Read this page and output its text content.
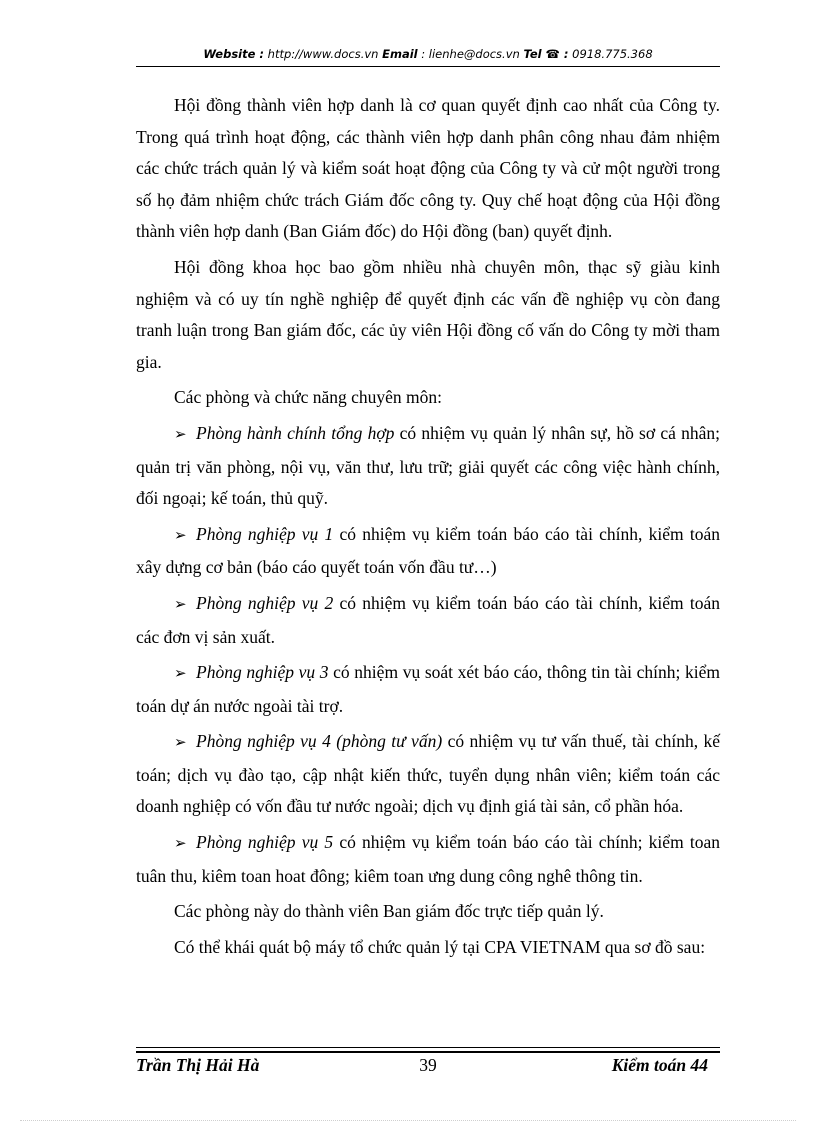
Website : http://www.docs.vn Email : lienhe@docs.vn Tel ☎ : 0918.775.368

Hội đồng thành viên hợp danh là cơ quan quyết định cao nhất của Công ty. Trong quá trình hoạt động, các thành viên hợp danh phân công nhau đảm nhiệm các chức trách quản lý và kiểm soát hoạt động của Công ty và cử một người trong số họ đảm nhiệm chức trách Giám đốc công ty. Quy chế hoạt động của Hội đồng thành viên hợp danh (Ban Giám đốc) do Hội đồng (ban) quyết định.

Hội đồng khoa học bao gồm nhiều nhà chuyên môn, thạc sỹ giàu kinh nghiệm và có uy tín nghề nghiệp để quyết định các vấn đề nghiệp vụ còn đang tranh luận trong Ban giám đốc, các ủy viên Hội đồng cố vấn do Công ty mời tham gia.

Các phòng và chức năng chuyên môn:

➢ Phòng hành chính tổng hợp có nhiệm vụ quản lý nhân sự, hồ sơ cá nhân; quản trị văn phòng, nội vụ, văn thư, lưu trữ; giải quyết các công việc hành chính, đối ngoại; kế toán, thủ quỹ.

➢ Phòng nghiệp vụ 1 có nhiệm vụ kiểm toán báo cáo tài chính, kiểm toán xây dựng cơ bản (báo cáo quyết toán vốn đầu tư…)

➢ Phòng nghiệp vụ 2 có nhiệm vụ kiểm toán báo cáo tài chính, kiểm toán các đơn vị sản xuất.

➢ Phòng nghiệp vụ 3 có nhiệm vụ soát xét báo cáo, thông tin tài chính; kiểm toán dự án nước ngoài tài trợ.

➢ Phòng nghiệp vụ 4 (phòng tư vấn) có nhiệm vụ tư vấn thuế, tài chính, kế toán; dịch vụ đào tạo, cập nhật kiến thức, tuyển dụng nhân viên; kiểm toán các doanh nghiệp có vốn đầu tư nước ngoài; dịch vụ định giá tài sản, cổ phần hóa.

➢ Phòng nghiệp vụ 5 có nhiệm vụ kiểm toán báo cáo tài chính; kiểm toan tuân thu, kiêm toan hoat đông; kiêm toan ưng dung công nghê thông tin.

Các phòng này do thành viên Ban giám đốc trực tiếp quản lý.

Có thể khái quát bộ máy tổ chức quản lý tại CPA VIETNAM qua sơ đồ sau:

Trần Thị Hải Hà	39	Kiểm toán 44
